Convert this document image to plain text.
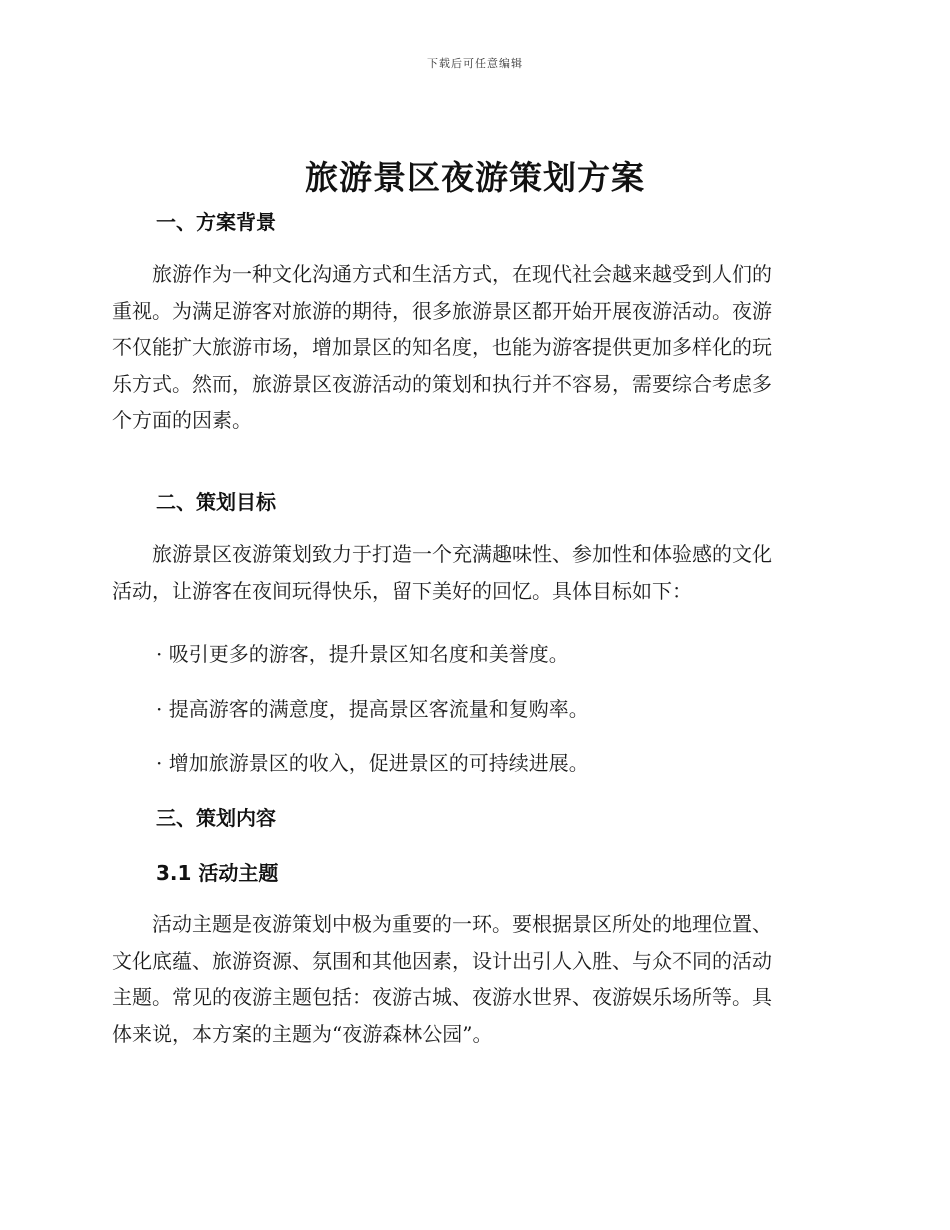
下载后可任意编辑
旅游景区夜游策划方案
一、方案背景
　　旅游作为一种文化沟通方式和生活方式，在现代社会越来越受到人们的
重视。为满足游客对旅游的期待，很多旅游景区都开始开展夜游活动。夜游
不仅能扩大旅游市场，增加景区的知名度，也能为游客提供更加多样化的玩
乐方式。然而，旅游景区夜游活动的策划和执行并不容易，需要综合考虑多
个方面的因素。
二、策划目标
　　旅游景区夜游策划致力于打造一个充满趣味性、参加性和体验感的文化
活动，让游客在夜间玩得快乐，留下美好的回忆。具体目标如下：
· 吸引更多的游客，提升景区知名度和美誉度。
· 提高游客的满意度，提高景区客流量和复购率。
· 增加旅游景区的收入，促进景区的可持续进展。
三、策划内容
3.1 活动主题
　　活动主题是夜游策划中极为重要的一环。要根据景区所处的地理位置、
文化底蕴、旅游资源、氛围和其他因素，设计出引人入胜、与众不同的活动
主题。常见的夜游主题包括：夜游古城、夜游水世界、夜游娱乐场所等。具
体来说，本方案的主题为“夜游森林公园”。
